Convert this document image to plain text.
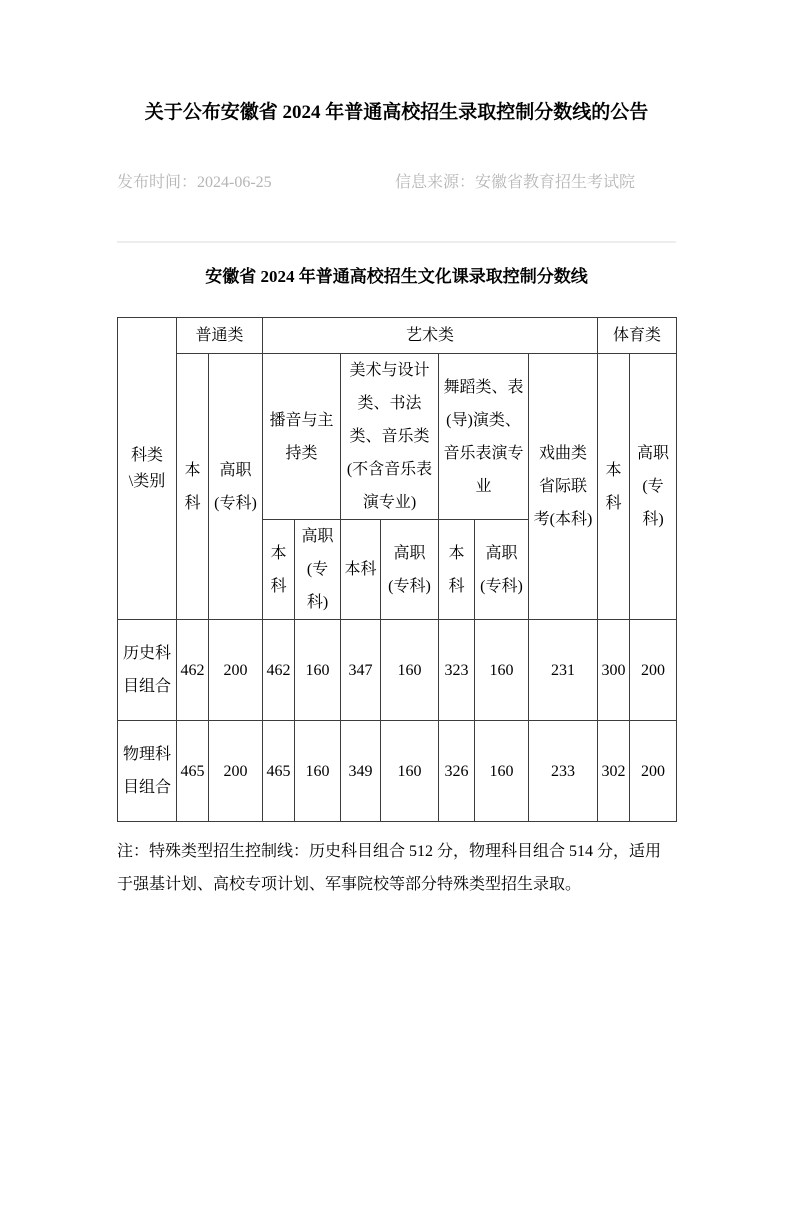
关于公布安徽省 2024 年普通高校招生录取控制分数线的公告
发布时间：2024-06-25	信息来源：安徽省教育招生考试院
安徽省 2024 年普通高校招生文化课录取控制分数线
科类\类别	普通类		艺术类							体育类	
	本科	高职(专科)	播音与主持类		美术与设计类、书法类、音乐类(不含音乐表演专业)		舞蹈类、表(导)演类、音乐表演专业		戏曲类省际联考(本科)	本科	高职(专科)
			本科	高职(专科)	本科	高职(专科)	本科	高职(专科)			
历史科目组合	462	200	462	160	347	160	323	160	231	300	200
物理科目组合	465	200	465	160	349	160	326	160	233	302	200
注：特殊类型招生控制线：历史科目组合 512 分，物理科目组合 514 分，适用于强基计划、高校专项计划、军事院校等部分特殊类型招生录取。
